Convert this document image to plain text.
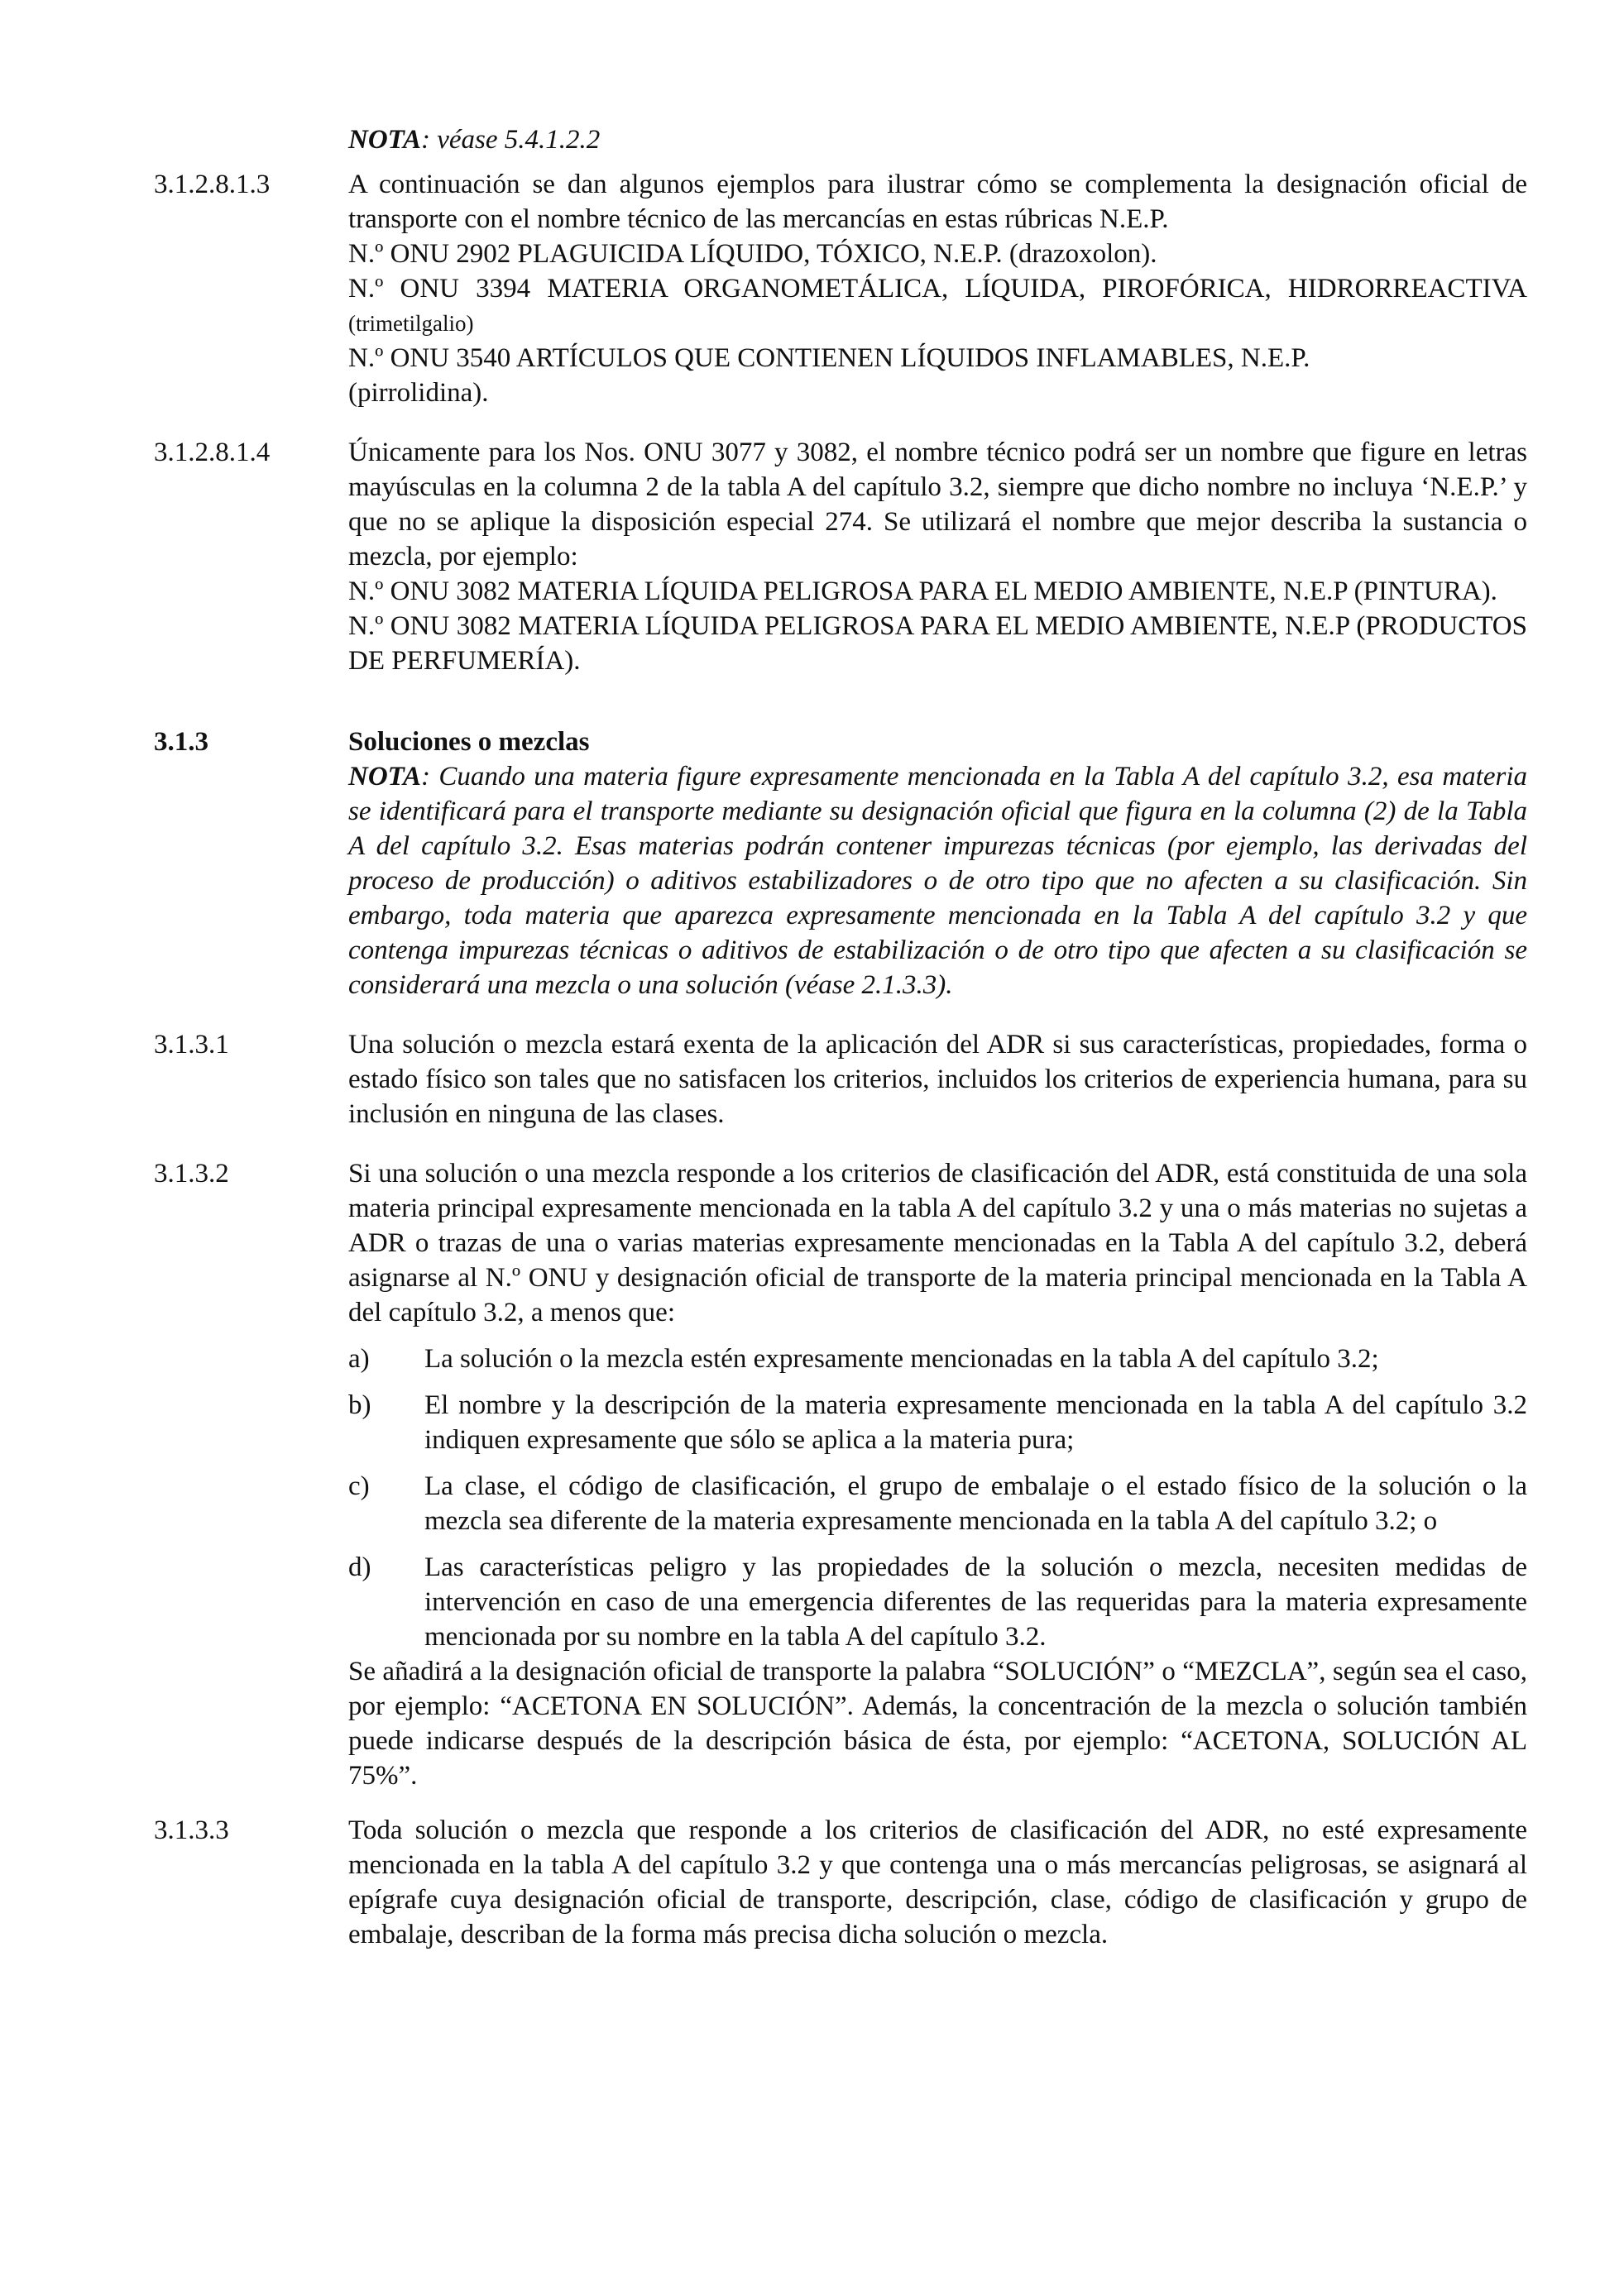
NOTA: véase 5.4.1.2.2

3.1.2.8.1.3	A continuación se dan algunos ejemplos para ilustrar cómo se complementa la designación oficial de transporte con el nombre técnico de las mercancías en estas rúbricas N.E.P.

N.º ONU 2902 PLAGUICIDA LÍQUIDO, TÓXICO, N.E.P. (drazoxolon).

N.º ONU 3394 MATERIA ORGANOMETÁLICA, LÍQUIDA, PIROFÓRICA, HIDRORREACTIVA

(trimetilgalio)

N.º ONU 3540 ARTÍCULOS QUE CONTIENEN LÍQUIDOS INFLAMABLES, N.E.P. (pirrolidina).

3.1.2.8.1.4	Únicamente para los Nos. ONU 3077 y 3082, el nombre técnico podrá ser un nombre que figure en letras mayúsculas en la columna 2 de la tabla A del capítulo 3.2, siempre que dicho nombre no incluya ‘N.E.P.’ y que no se aplique la disposición especial 274. Se utilizará el nombre que mejor describa la sustancia o mezcla, por ejemplo:

N.º ONU 3082 MATERIA LÍQUIDA PELIGROSA PARA EL MEDIO AMBIENTE, N.E.P (PINTURA).

N.º ONU 3082 MATERIA LÍQUIDA PELIGROSA PARA EL MEDIO AMBIENTE, N.E.P (PRODUCTOS DE PERFUMERÍA).

3.1.3	Soluciones o mezclas

NOTA: Cuando una materia figure expresamente mencionada en la Tabla A del capítulo 3.2, esa materia se identificará para el transporte mediante su designación oficial que figura en la columna (2) de la Tabla A del capítulo 3.2. Esas materias podrán contener impurezas técnicas (por ejemplo, las derivadas del proceso de producción) o aditivos estabilizadores o de otro tipo que no afecten a su clasificación. Sin embargo, toda materia que aparezca expresamente mencionada en la Tabla A del capítulo 3.2 y que contenga impurezas técnicas o aditivos de estabilización o de otro tipo que afecten a su clasificación se considerará una mezcla o una solución (véase 2.1.3.3).

3.1.3.1	Una solución o mezcla estará exenta de la aplicación del ADR si sus características, propiedades, forma o estado físico son tales que no satisfacen los criterios, incluidos los criterios de experiencia humana, para su inclusión en ninguna de las clases.

3.1.3.2	Si una solución o una mezcla responde a los criterios de clasificación del ADR, está constituida de una sola materia principal expresamente mencionada en la tabla A del capítulo 3.2 y una o más materias no sujetas a ADR o trazas de una o varias materias expresamente mencionadas en la Tabla A del capítulo 3.2, deberá asignarse al N.º ONU y designación oficial de transporte de la materia principal mencionada en la Tabla A del capítulo 3.2, a menos que:

a) La solución o la mezcla estén expresamente mencionadas en la tabla A del capítulo 3.2;

b) El nombre y la descripción de la materia expresamente mencionada en la tabla A del capítulo 3.2 indiquen expresamente que sólo se aplica a la materia pura;

c) La clase, el código de clasificación, el grupo de embalaje o el estado físico de la solución o la mezcla sea diferente de la materia expresamente mencionada en la tabla A del capítulo 3.2; o

d) Las características peligro y las propiedades de la solución o mezcla, necesiten medidas de intervención en caso de una emergencia diferentes de las requeridas para la materia expresamente mencionada por su nombre en la tabla A del capítulo 3.2.

Se añadirá a la designación oficial de transporte la palabra “SOLUCIÓN” o “MEZCLA”, según sea el caso, por ejemplo: “ACETONA EN SOLUCIÓN”. Además, la concentración de la mezcla o solución también puede indicarse después de la descripción básica de ésta, por ejemplo: “ACETONA, SOLUCIÓN AL 75%”.

3.1.3.3	Toda solución o mezcla que responde a los criterios de clasificación del ADR, no esté expresamente mencionada en la tabla A del capítulo 3.2 y que contenga una o más mercancías peligrosas, se asignará al epígrafe cuya designación oficial de transporte, descripción, clase, código de clasificación y grupo de embalaje, describan de la forma más precisa dicha solución o mezcla.
